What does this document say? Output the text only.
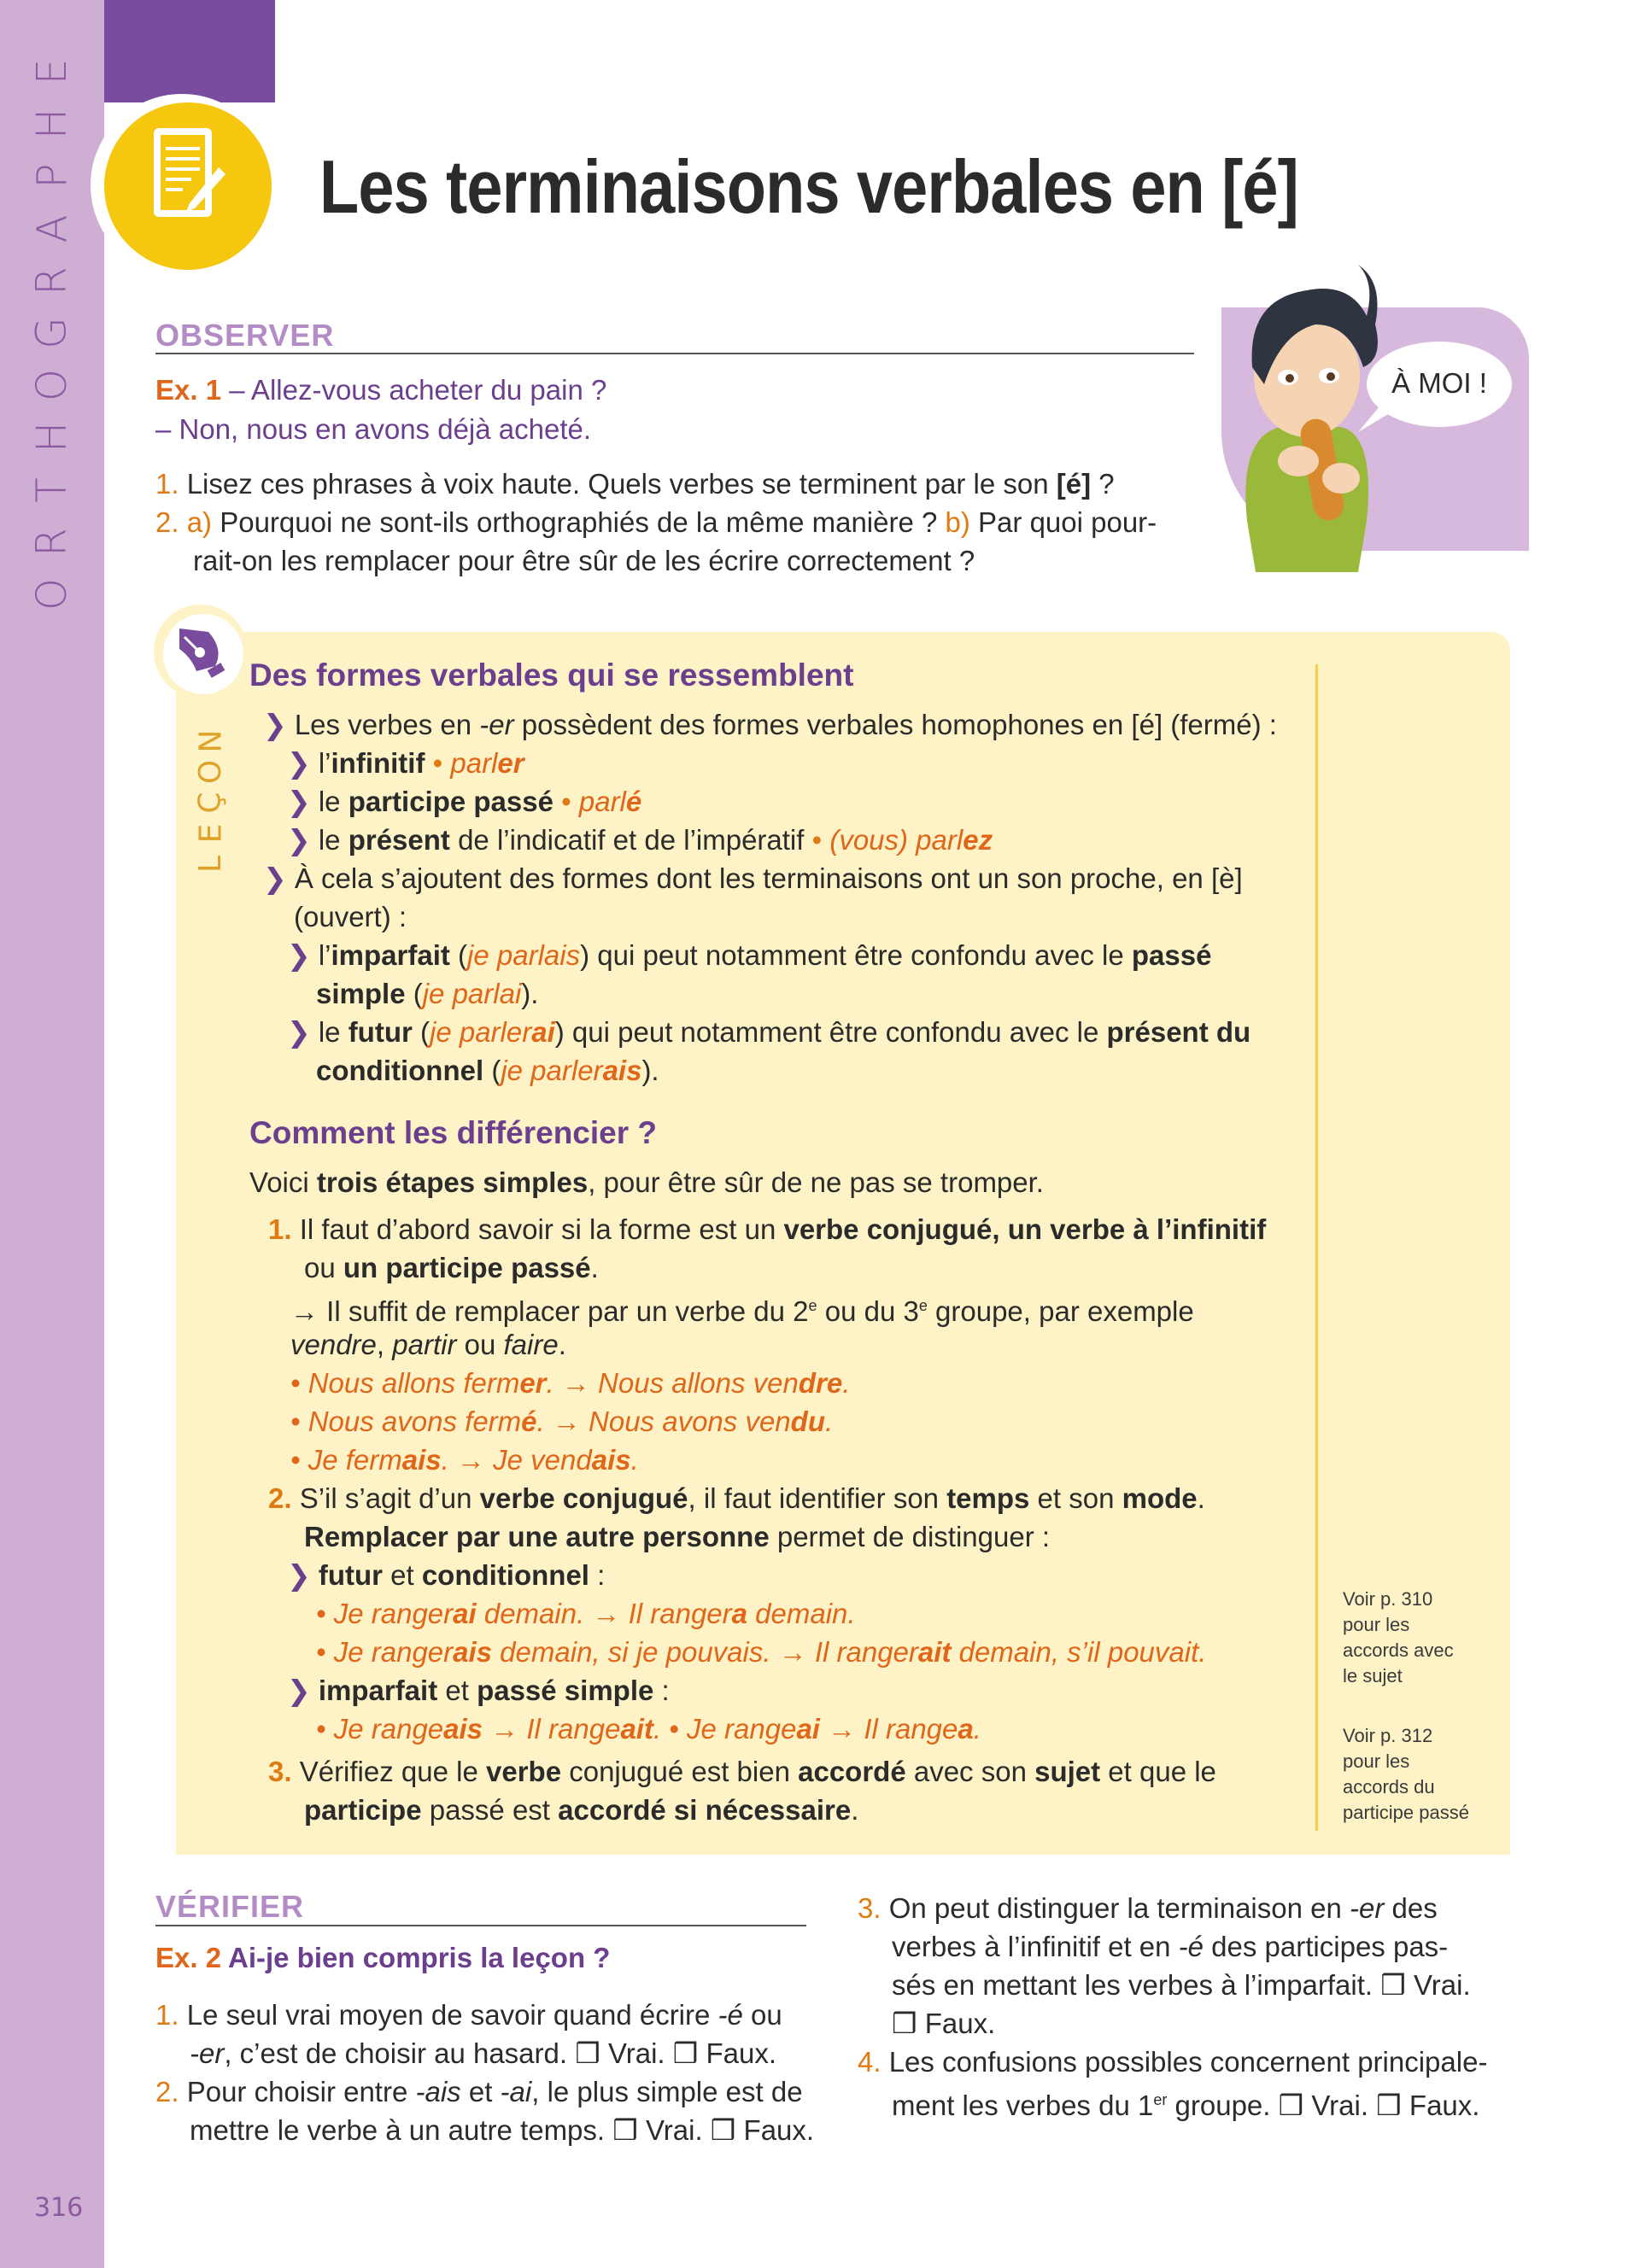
E
H
P
A
R
G
O
H
T
R
O
316
Les terminaisons verbales en [é]
OBSERVER
Ex. 1 – Allez-vous acheter du pain ?
– Non, nous en avons déjà acheté.
1. Lisez ces phrases à voix haute. Quels verbes se terminent par le son [é] ?
2. a) Pourquoi ne sont-ils orthographiés de la même manière ? b) Par quoi pour-
rait-on les remplacer pour être sûr de les écrire correctement ?
À MOI !
N
O
Ç
E
L
Des formes verbales qui se ressemblent
❯ Les verbes en -er possèdent des formes verbales homophones en [é] (fermé) :
❯ l’infinitif • parler
❯ le participe passé • parlé
❯ le présent de l’indicatif et de l’impératif • (vous) parlez
❯ À cela s’ajoutent des formes dont les terminaisons ont un son proche, en [è]
(ouvert) :
❯ l’imparfait (je parlais) qui peut notamment être confondu avec le passé
simple (je parlai).
❯ le futur (je parlerai) qui peut notamment être confondu avec le présent du
conditionnel (je parlerais).
Comment les différencier ?
Voici trois étapes simples, pour être sûr de ne pas se tromper.
1. Il faut d’abord savoir si la forme est un verbe conjugué, un verbe à l’infinitif
ou un participe passé.
→ Il suffit de remplacer par un verbe du 2e ou du 3e groupe, par exemple
vendre, partir ou faire.
• Nous allons fermer. → Nous allons vendre.
• Nous avons fermé. → Nous avons vendu.
• Je fermais. → Je vendais.
2. S’il s’agit d’un verbe conjugué, il faut identifier son temps et son mode.
Remplacer par une autre personne permet de distinguer :
❯ futur et conditionnel :
• Je rangerai demain. → Il rangera demain.
• Je rangerais demain, si je pouvais. → Il rangerait demain, s’il pouvait.
❯ imparfait et passé simple :
• Je rangeais → Il rangeait. • Je rangeai → Il rangea.
3. Vérifiez que le verbe conjugué est bien accordé avec son sujet et que le
participe passé est accordé si nécessaire.
Voir p. 310
pour les
accords avec
le sujet
Voir p. 312
pour les
accords du
participe passé
VÉRIFIER
Ex. 2 Ai-je bien compris la leçon ?
1. Le seul vrai moyen de savoir quand écrire -é ou
-er, c’est de choisir au hasard. ❒ Vrai. ❒ Faux.
2. Pour choisir entre -ais et -ai, le plus simple est de
mettre le verbe à un autre temps. ❒ Vrai. ❒ Faux.
3. On peut distinguer la terminaison en -er des
verbes à l’infinitif et en -é des participes pas-
sés en mettant les verbes à l’imparfait. ❒ Vrai.
❒ Faux.
4. Les confusions possibles concernent principale-
ment les verbes du 1er groupe. ❒ Vrai. ❒ Faux.
